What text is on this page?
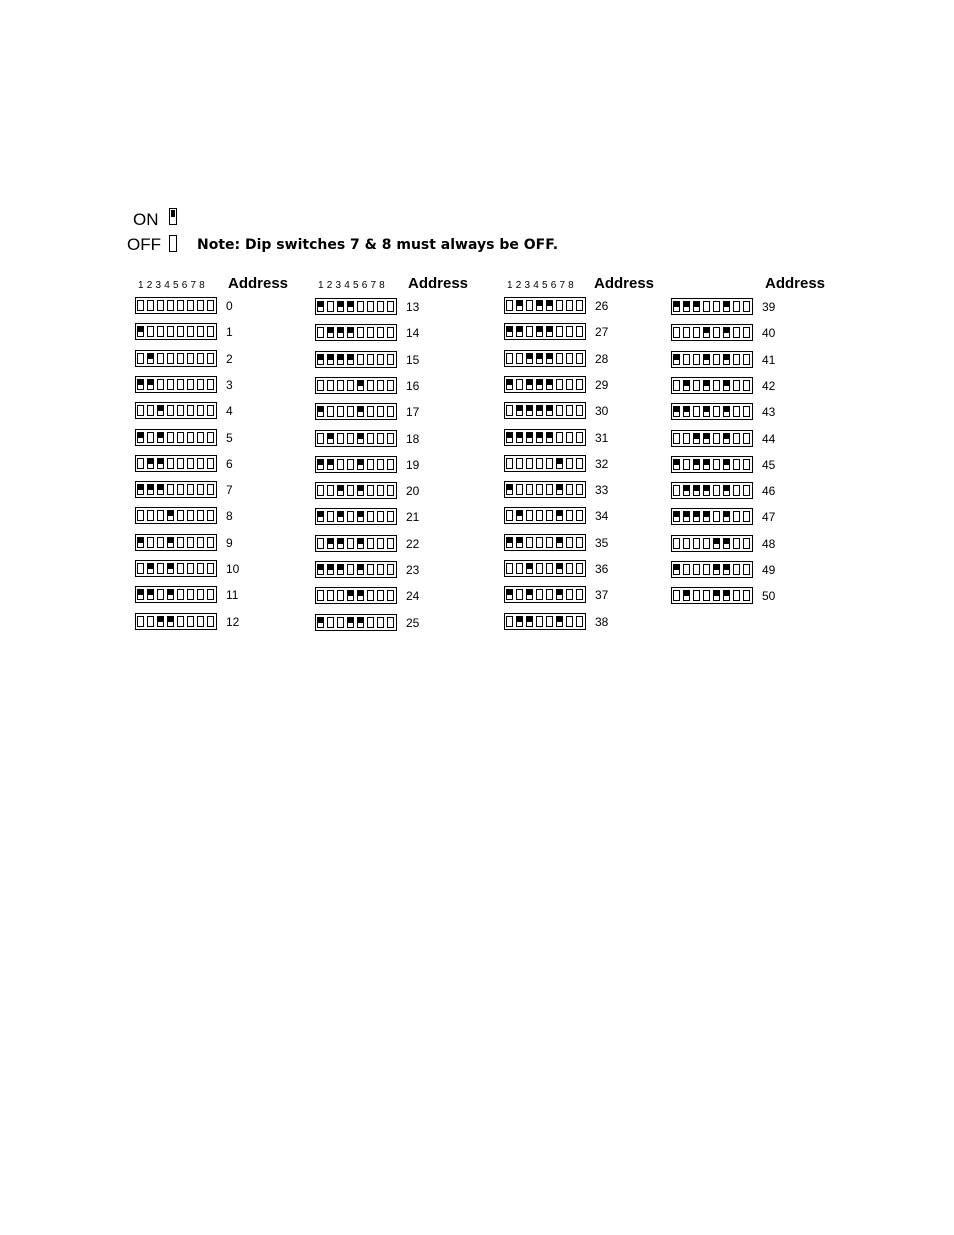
ON
OFF	Note: Dip switches 7 & 8 must always be OFF.
1 2 3 4 5 6 7 8 Address
0
1
2
3
4
5
6
7
8
9
10
11
12
1 2 3 4 5 6 7 8 Address
13
14
15
16
17
18
19
20
21
22
23
24
25
1 2 3 4 5 6 7 8 Address
26
27
28
29
30
31
32
33
34
35
36
37
38
Address
39
40
41
42
43
44
45
46
47
48
49
50
